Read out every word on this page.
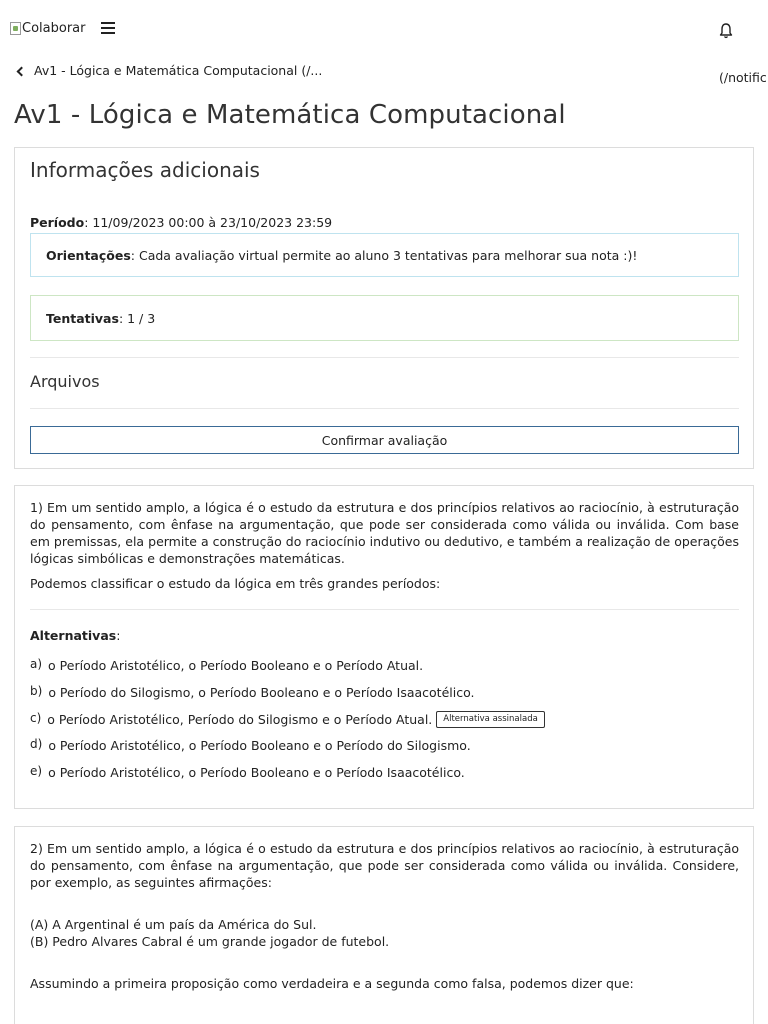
Colaborar
Av1 - Lógica e Matemática Computacional (/...	(/notific
Av1 - Lógica e Matemática Computacional
Informações adicionais
Período: 11/09/2023 00:00 à 23/10/2023 23:59
Orientações : Cada avaliação virtual permite ao aluno 3 tentativas para melhorar sua nota :)!
Tentativas : 1 / 3
Arquivos
Confirmar avaliação
1) Em um sentido amplo, a lógica é o estudo da estrutura e dos princípios relativos ao raciocínio, à estruturação do pensamento, com ênfase na argumentação, que pode ser considerada como válida ou inválida. Com base em premissas, ela permite a construção do raciocínio indutivo ou dedutivo, e também a realização de operações lógicas simbólicas e demonstrações matemáticas.
Podemos classificar o estudo da lógica em três grandes períodos:
Alternativas:
a) o Período Aristotélico, o Período Booleano e o Período Atual.
b) o Período do Silogismo, o Período Booleano e o Período Isaacotélico.
c) o Período Aristotélico, Período do Silogismo e o Período Atual.	Alternativa assinalada
d) o Período Aristotélico, o Período Booleano e o Período do Silogismo.
e) o Período Aristotélico, o Período Booleano e o Período Isaacotélico.
2) Em um sentido amplo, a lógica é o estudo da estrutura e dos princípios relativos ao raciocínio, à estruturação do pensamento, com ênfase na argumentação, que pode ser considerada como válida ou inválida. Considere, por exemplo, as seguintes afirmações:
(A) A Argentinal é um país da América do Sul.
(B) Pedro Alvares Cabral é um grande jogador de futebol.
Assumindo a primeira proposição como verdadeira e a segunda como falsa, podemos dizer que:
